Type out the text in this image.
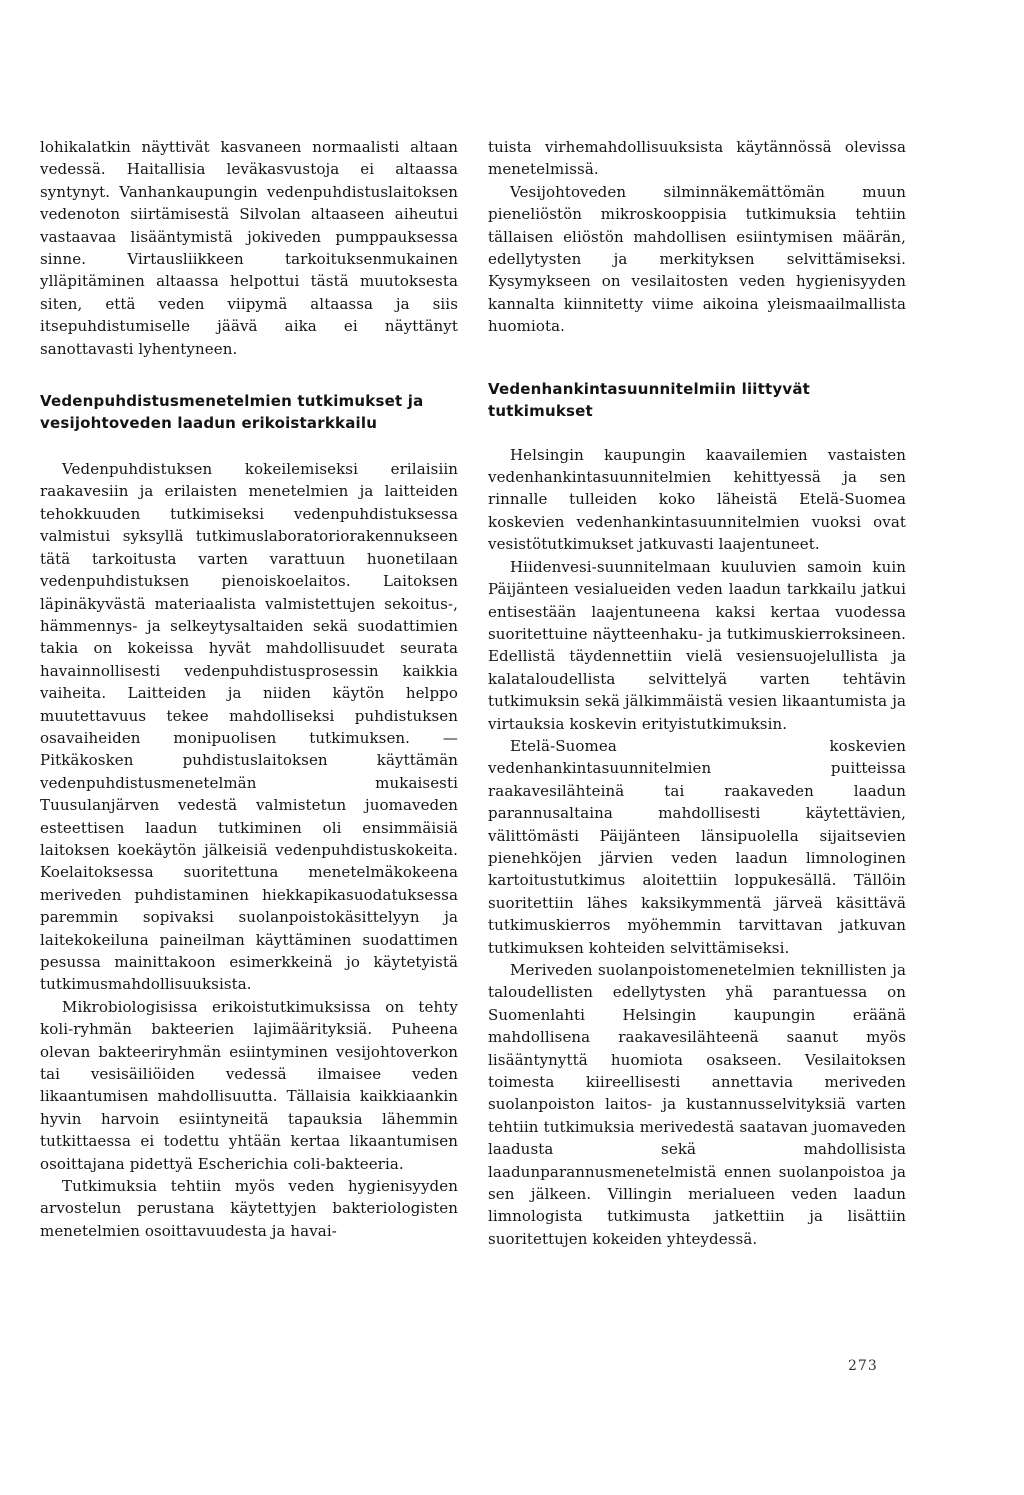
lohikalatkin näyttivät kasvaneen normaalisti altaan vedessä. Haitallisia leväkasvustoja ei altaassa syntynyt. Vanhankaupungin vedenpuhdistuslaitoksen vedenoton siirtämisestä Silvolan altaaseen aiheutui vastaavaa lisääntymistä jokiveden pumppauksessa sinne. Virtausliikkeen tarkoituksenmukainen ylläpitäminen altaassa helpottui tästä muutoksesta siten, että veden viipymä altaassa ja siis itsepuhdistumiselle jäävä aika ei näyttänyt sanottavasti lyhentyneen.

Vedenpuhdistusmenetelmien tutkimukset ja vesijohtoveden laadun erikoistarkkailu

Vedenpuhdistuksen kokeilemiseksi erilaisiin raakavesiin ja erilaisten menetelmien ja laitteiden tehokkuuden tutkimiseksi vedenpuhdistuksessa valmistui syksyllä tutkimuslaboratoriorakennukseen tätä tarkoitusta varten varattuun huonetilaan vedenpuhdistuksen pienoiskoelaitos. Laitoksen läpinäkyvästä materiaalista valmistettujen sekoitus-, hämmennys- ja selkeytysaltaiden sekä suodattimien takia on kokeissa hyvät mahdollisuudet seurata havainnollisesti vedenpuhdistusprosessin kaikkia vaiheita. Laitteiden ja niiden käytön helppo muutettavuus tekee mahdolliseksi puhdistuksen osavaiheiden monipuolisen tutkimuksen. — Pitkäkosken puhdistuslaitoksen käyttämän vedenpuhdistusmenetelmän mukaisesti Tuusulanjärven vedestä valmistetun juomaveden esteettisen laadun tutkiminen oli ensimmäisiä laitoksen koekäytön jälkeisiä vedenpuhdistuskokeita. Koelaitoksessa suoritettuna menetelmäkokeena meriveden puhdistaminen hiekkapikasuodatuksessa paremmin sopivaksi suolanpoistokäsittelyyn ja laitekokeiluna paineilman käyttäminen suodattimen pesussa mainittakoon esimerkkeinä jo käytetyistä tutkimusmahdollisuuksista.

Mikrobiologisissa erikoistutkimuksissa on tehty koli-ryhmän bakteerien lajimäärityksiä. Puheena olevan bakteeriryhmän esiintyminen vesijohtoverkon tai vesisäiliöiden vedessä ilmaisee veden likaantumisen mahdollisuutta. Tällaisia kaikkiaankin hyvin harvoin esiintyneitä tapauksia lähemmin tutkittaessa ei todettu yhtään kertaa likaantumisen osoittajana pidettyä Escherichia coli-bakteeria.

Tutkimuksia tehtiin myös veden hygienisyyden arvostelun perustana käytettyjen bakteriologisten menetelmien osoittavuudesta ja havai-

tuista virhemahdollisuuksista käytännössä olevissa menetelmissä.

Vesijohtoveden silminnäkemättömän muun pieneliöstön mikroskooppisia tutkimuksia tehtiin tällaisen eliöstön mahdollisen esiintymisen määrän, edellytysten ja merkityksen selvittämiseksi. Kysymykseen on vesilaitosten veden hygienisyyden kannalta kiinnitetty viime aikoina yleismaailmallista huomiota.

Vedenhankintasuunnitelmiin liittyvät tutkimukset

Helsingin kaupungin kaavailemien vastaisten vedenhankintasuunnitelmien kehittyessä ja sen rinnalle tulleiden koko läheistä Etelä-Suomea koskevien vedenhankintasuunnitelmien vuoksi ovat vesistötutkimukset jatkuvasti laajentuneet.

Hiidenvesi-suunnitelmaan kuuluvien samoin kuin Päijänteen vesialueiden veden laadun tarkkailu jatkui entisestään laajentuneena kaksi kertaa vuodessa suoritettuine näytteenhaku- ja tutkimuskierroksineen. Edellistä täydennettiin vielä vesiensuojelullista ja kalataloudellista selvittelyä varten tehtävin tutkimuksin sekä jälkimmäistä vesien likaantumista ja virtauksia koskevin erityistutkimuksin.

Etelä-Suomea koskevien vedenhankintasuunnitelmien puitteissa raakavesilähteinä tai raakaveden laadun parannusaltaina mahdollisesti käytettävien, välittömästi Päijänteen länsipuolella sijaitsevien pienehköjen järvien veden laadun limnologinen kartoitustutkimus aloitettiin loppukesällä. Tällöin suoritettiin lähes kaksikymmentä järveä käsittävä tutkimuskierros myöhemmin tarvittavan jatkuvan tutkimuksen kohteiden selvittämiseksi.

Meriveden suolanpoistomenetelmien teknillisten ja taloudellisten edellytysten yhä parantuessa on Suomenlahti Helsingin kaupungin eräänä mahdollisena raakavesilähteenä saanut myös lisääntynyttä huomiota osakseen. Vesilaitoksen toimesta kiireellisesti annettavia meriveden suolanpoiston laitos- ja kustannusselvityksiä varten tehtiin tutkimuksia merivedestä saatavan juomaveden laadusta sekä mahdollisista laadunparannusmenetelmistä ennen suolanpoistoa ja sen jälkeen. Villingin merialueen veden laadun limnologista tutkimusta jatkettiin ja lisättiin suoritettujen kokeiden yhteydessä.

273
